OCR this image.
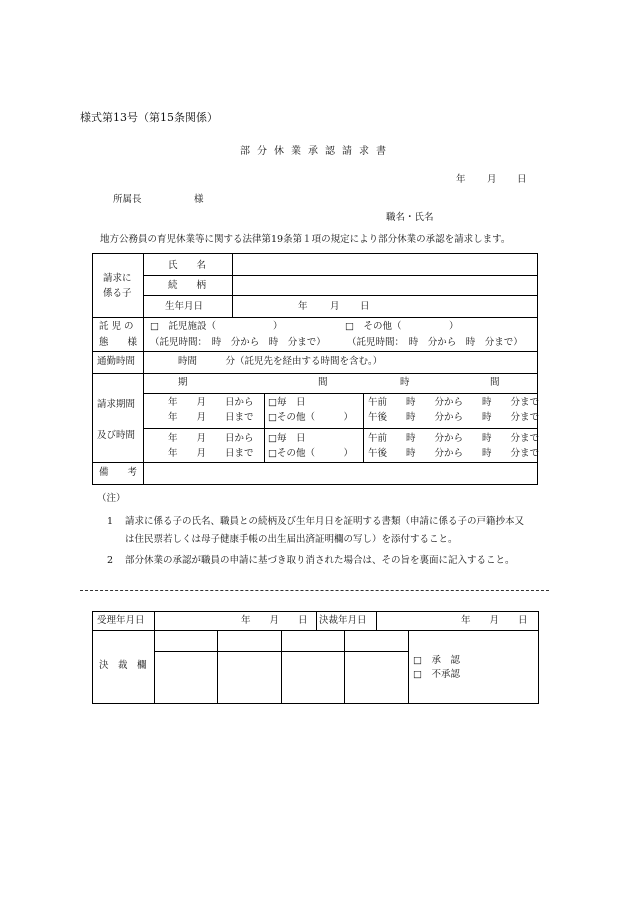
様式第13号（第15条関係）
部分休業承認請求書
年 月 日
所属長	様
職名・氏名
地方公務員の育児休業等に関する法律第19条第１項の規定により部分休業の承認を請求します。
請求に
係る子
氏　　名
続　　柄
生年月日	年 月 日
託 児 の
態　　様
□　託児施設（　　　　　　）	□　その他（　　　　　）
（託児時間：　時　分から　時　分まで） （託児時間：　時　分から　時　分まで）
通勤時間	時間　　　分（託児先を経由する時間を含む。）
請求期間
及び時間
期	間	時	間
年　　月　　日から □毎　日	午前　　時　　分から　　時　　分まで
年　　月　　日まで □その他（　　　） 午後　　時　　分から　　時　　分まで
年　　月　　日から □毎　日	午前　　時　　分から　　時　　分まで
年　　月　　日まで □その他（　　　） 午後　　時　　分から　　時　　分まで
備　　考
（注）
1 請求に係る子の氏名、職員との続柄及び生年月日を証明する書類（申請に係る子の戸籍抄本又
は住民票若しくは母子健康手帳の出生届出済証明欄の写し）を添付すること。
2 部分休業の承認が職員の申請に基づき取り消された場合は、その旨を裏面に記入すること。
受理年月日	年　　月　　日 決裁年月日	年　　月　　日
決　裁　欄	□　承　認
□　不承認
